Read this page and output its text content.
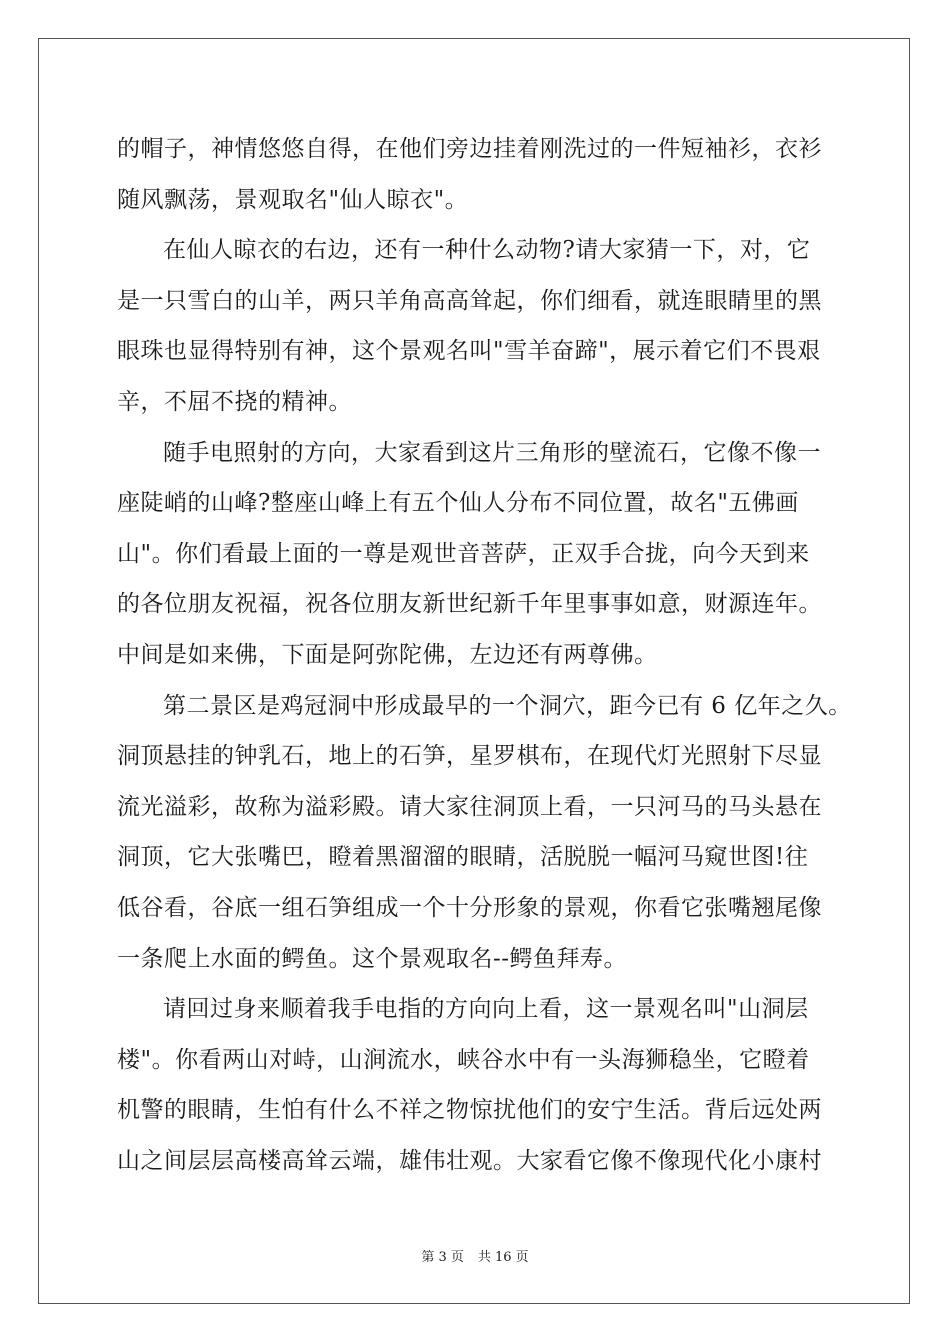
的帽子，神情悠悠自得，在他们旁边挂着刚洗过的一件短袖衫，衣衫
随风飘荡，景观取名"仙人晾衣"。
在仙人晾衣的右边，还有一种什么动物?请大家猜一下，对，它
是一只雪白的山羊，两只羊角高高耸起，你们细看，就连眼睛里的黑
眼珠也显得特别有神，这个景观名叫"雪羊奋蹄"，展示着它们不畏艰
辛，不屈不挠的精神。
随手电照射的方向，大家看到这片三角形的壁流石，它像不像一
座陡峭的山峰?整座山峰上有五个仙人分布不同位置，故名"五佛画
山"。你们看最上面的一尊是观世音菩萨，正双手合拢，向今天到来
的各位朋友祝福，祝各位朋友新世纪新千年里事事如意，财源连年。
中间是如来佛，下面是阿弥陀佛，左边还有两尊佛。
第二景区是鸡冠洞中形成最早的一个洞穴，距今已有 6 亿年之久。
洞顶悬挂的钟乳石，地上的石笋，星罗棋布，在现代灯光照射下尽显
流光溢彩，故称为溢彩殿。请大家往洞顶上看，一只河马的马头悬在
洞顶，它大张嘴巴，瞪着黑溜溜的眼睛，活脱脱一幅河马窥世图!往
低谷看，谷底一组石笋组成一个十分形象的景观，你看它张嘴翘尾像
一条爬上水面的鳄鱼。这个景观取名--鳄鱼拜寿。
请回过身来顺着我手电指的方向向上看，这一景观名叫"山洞层
楼"。你看两山对峙，山涧流水，峡谷水中有一头海狮稳坐，它瞪着
机警的眼睛，生怕有什么不祥之物惊扰他们的安宁生活。背后远处两
山之间层层高楼高耸云端，雄伟壮观。大家看它像不像现代化小康村
第 3 页 共 16 页
